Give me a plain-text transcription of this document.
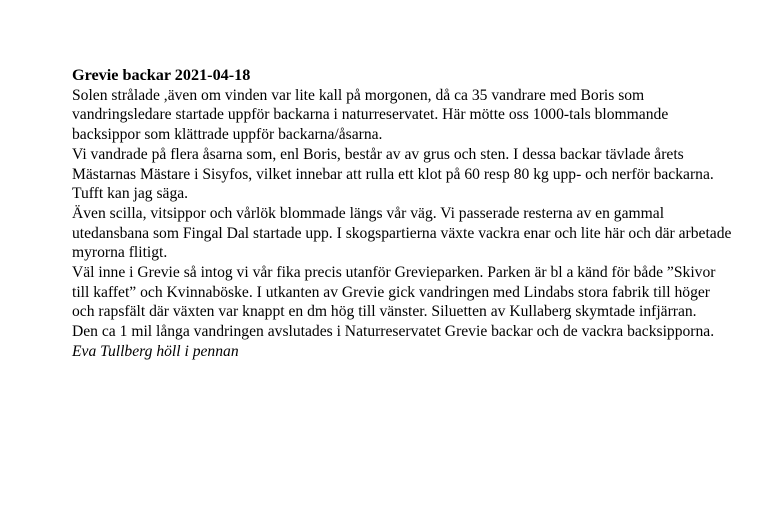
Grevie backar 2021-04-18

Solen strålade ,även om vinden var lite kall på morgonen, då ca 35 vandrare med Boris som vandringsledare startade uppför backarna i naturreservatet. Här mötte oss 1000-tals blommande backsippor som klättrade uppför backarna/åsarna.

Vi vandrade på flera åsarna som, enl Boris, består av av grus och sten. I dessa backar tävlade årets Mästarnas Mästare i Sisyfos, vilket innebar att rulla ett klot på 60 resp 80 kg upp- och nerför backarna. Tufft kan jag säga.

Även scilla, vitsippor och vårlök blommade längs vår väg. Vi passerade resterna av en gammal utedansbana som Fingal Dal startade upp. I skogspartierna växte vackra enar och lite här och där arbetade myrorna flitigt.

Väl inne i Grevie så intog vi vår fika precis utanför Grevieparken. Parken är bl a känd för både ”Skivor till kaffet” och Kvinnaböske. I utkanten av Grevie gick vandringen med Lindabs stora fabrik till höger och rapsfält där växten var knappt en dm hög till vänster. Siluetten av Kullaberg skymtade infjärran.

Den ca 1 mil långa vandringen avslutades i Naturreservatet Grevie backar och de vackra backsipporna.

Eva Tullberg höll i pennan
